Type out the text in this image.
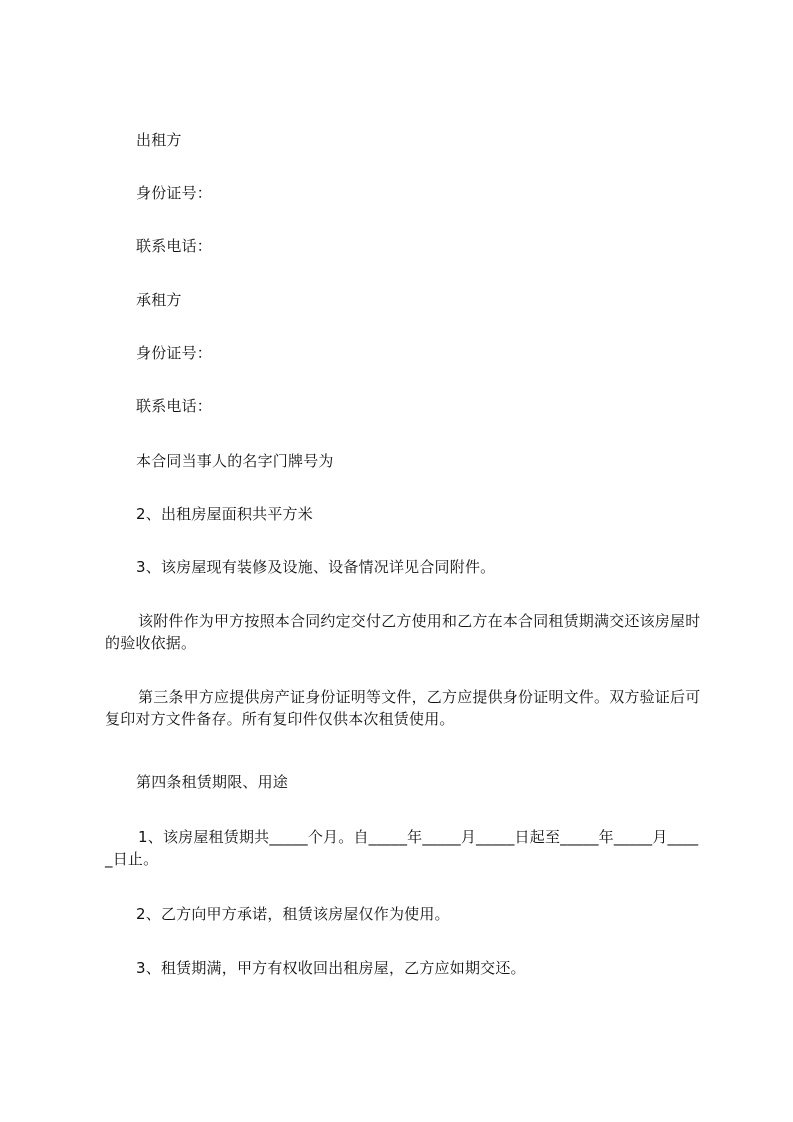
出租方
身份证号：
联系电话：
承租方
身份证号：
联系电话：
本合同当事人的名字门牌号为
2、出租房屋面积共平方米
3、该房屋现有装修及设施、设备情况详见合同附件。
该附件作为甲方按照本合同约定交付乙方使用和乙方在本合同租赁期满交还该房屋时的验收依据。
第三条甲方应提供房产证身份证明等文件，乙方应提供身份证明文件。双方验证后可复印对方文件备存。所有复印件仅供本次租赁使用。
第四条租赁期限、用途
1、该房屋租赁期共_____个月。自_____年_____月_____日起至_____年_____月_____日止。
2、乙方向甲方承诺，租赁该房屋仅作为使用。
3、租赁期满，甲方有权收回出租房屋，乙方应如期交还。
